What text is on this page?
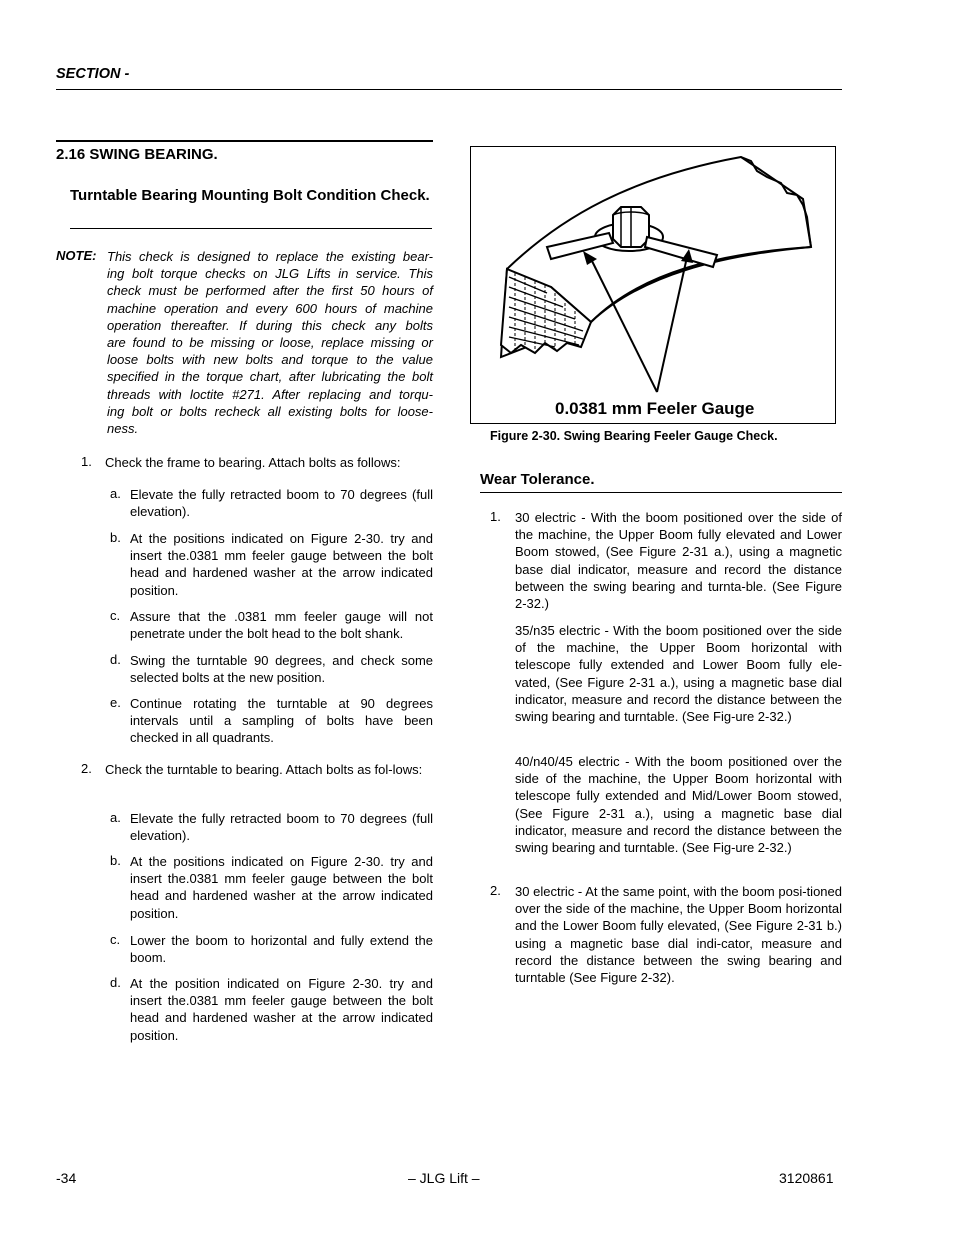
SECTION -
2.16 SWING BEARING.
Turntable Bearing Mounting Bolt Condition Check.
NOTE: This check is designed to replace the existing bear-
ing bolt torque checks on JLG Lifts in service. This
check must be performed after the first 50 hours of
machine operation and every 600 hours of machine
operation thereafter. If during this check any bolts
are found to be missing or loose, replace missing or
loose bolts with new bolts and torque to the value
specified in the torque chart, after lubricating the bolt
threads with loctite #271. After replacing and torqu-
ing bolt or bolts recheck all existing bolts for loose-
ness.
1. Check the frame to bearing. Attach bolts as follows:
a. Elevate the fully retracted boom to 70 degrees (full elevation).
b. At the positions indicated on Figure 2-30. try and insert the.0381 mm feeler gauge between the bolt head and hardened washer at the arrow indicated position.
c. Assure that the .0381 mm feeler gauge will not penetrate under the bolt head to the bolt shank.
d. Swing the turntable 90 degrees, and check some selected bolts at the new position.
e. Continue rotating the turntable at 90 degrees intervals until a sampling of bolts have been checked in all quadrants.
2. Check the turntable to bearing. Attach bolts as fol-lows:
a. Elevate the fully retracted boom to 70 degrees (full elevation).
b. At the positions indicated on Figure 2-30. try and insert the.0381 mm feeler gauge between the bolt head and hardened washer at the arrow indicated position.
c. Lower the boom to horizontal and fully extend the boom.
d. At the position indicated on Figure 2-30. try and insert the.0381 mm feeler gauge between the bolt head and hardened washer at the arrow indicated position.
0.0381 mm Feeler Gauge
Figure 2-30. Swing Bearing Feeler Gauge Check.
Wear Tolerance.
1. 30 electric - With the boom positioned over the side of the machine, the Upper Boom fully elevated and Lower Boom stowed, (See Figure 2-31 a.), using a magnetic base dial indicator, measure and record the distance between the swing bearing and turnta-ble. (See Figure 2-32.)
35/n35 electric - With the boom positioned over the side of the machine, the Upper Boom horizontal with telescope fully extended and Lower Boom fully ele-vated, (See Figure 2-31 a.), using a magnetic base dial indicator, measure and record the distance between the swing bearing and turntable. (See Fig-ure 2-32.)
40/n40/45 electric - With the boom positioned over the side of the machine, the Upper Boom horizontal with telescope fully extended and Mid/Lower Boom stowed, (See Figure 2-31 a.), using a magnetic base dial indicator, measure and record the distance between the swing bearing and turntable. (See Fig-ure 2-32.)
2. 30 electric - At the same point, with the boom posi-tioned over the side of the machine, the Upper Boom horizontal and the Lower Boom fully elevated, (See Figure 2-31 b.) using a magnetic base dial indi-cator, measure and record the distance between the swing bearing and turntable (See Figure 2-32).
-34	– JLG Lift –	3120861
